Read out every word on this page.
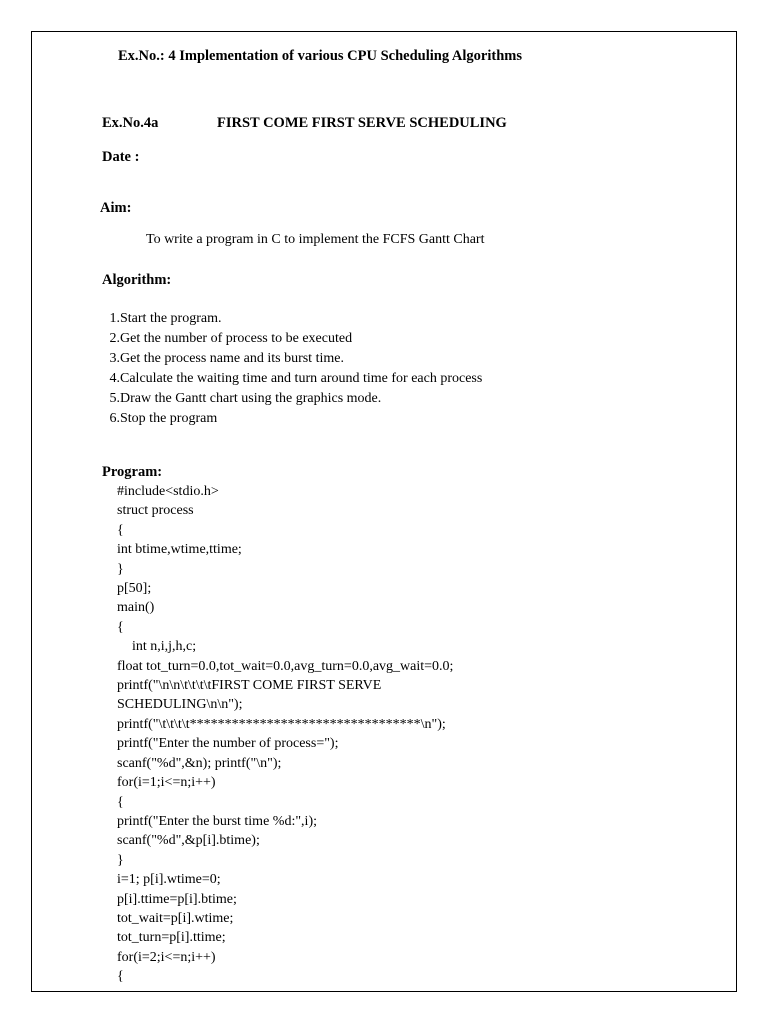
Ex.No.: 4 Implementation of various CPU Scheduling Algorithms
Ex.No.4a	FIRST COME FIRST SERVE SCHEDULING
Date :
Aim:
To write a program in C to implement the FCFS Gantt Chart
Algorithm:
1.Start the program.
2.Get the number of process to be executed
3.Get the process name and its burst time.
4.Calculate the waiting time and turn around time for each process
5.Draw the Gantt chart using the graphics mode.
6.Stop the program
Program:
#include<stdio.h>
struct process
{
int btime,wtime,ttime;
}
p[50];
main()
{
int n,i,j,h,c;
float tot_turn=0.0,tot_wait=0.0,avg_turn=0.0,avg_wait=0.0;
printf("\n\n\t\t\t\tFIRST COME FIRST SERVE
SCHEDULING\n\n");
printf("\t\t\t\t*********************************\n");
printf("Enter the number of process=");
scanf("%d",&n); printf("\n");
for(i=1;i<=n;i++)
{
printf("Enter the burst time %d:",i);
scanf("%d",&p[i].btime);
}
i=1; p[i].wtime=0;
p[i].ttime=p[i].btime;
tot_wait=p[i].wtime;
tot_turn=p[i].ttime;
for(i=2;i<=n;i++)
{
